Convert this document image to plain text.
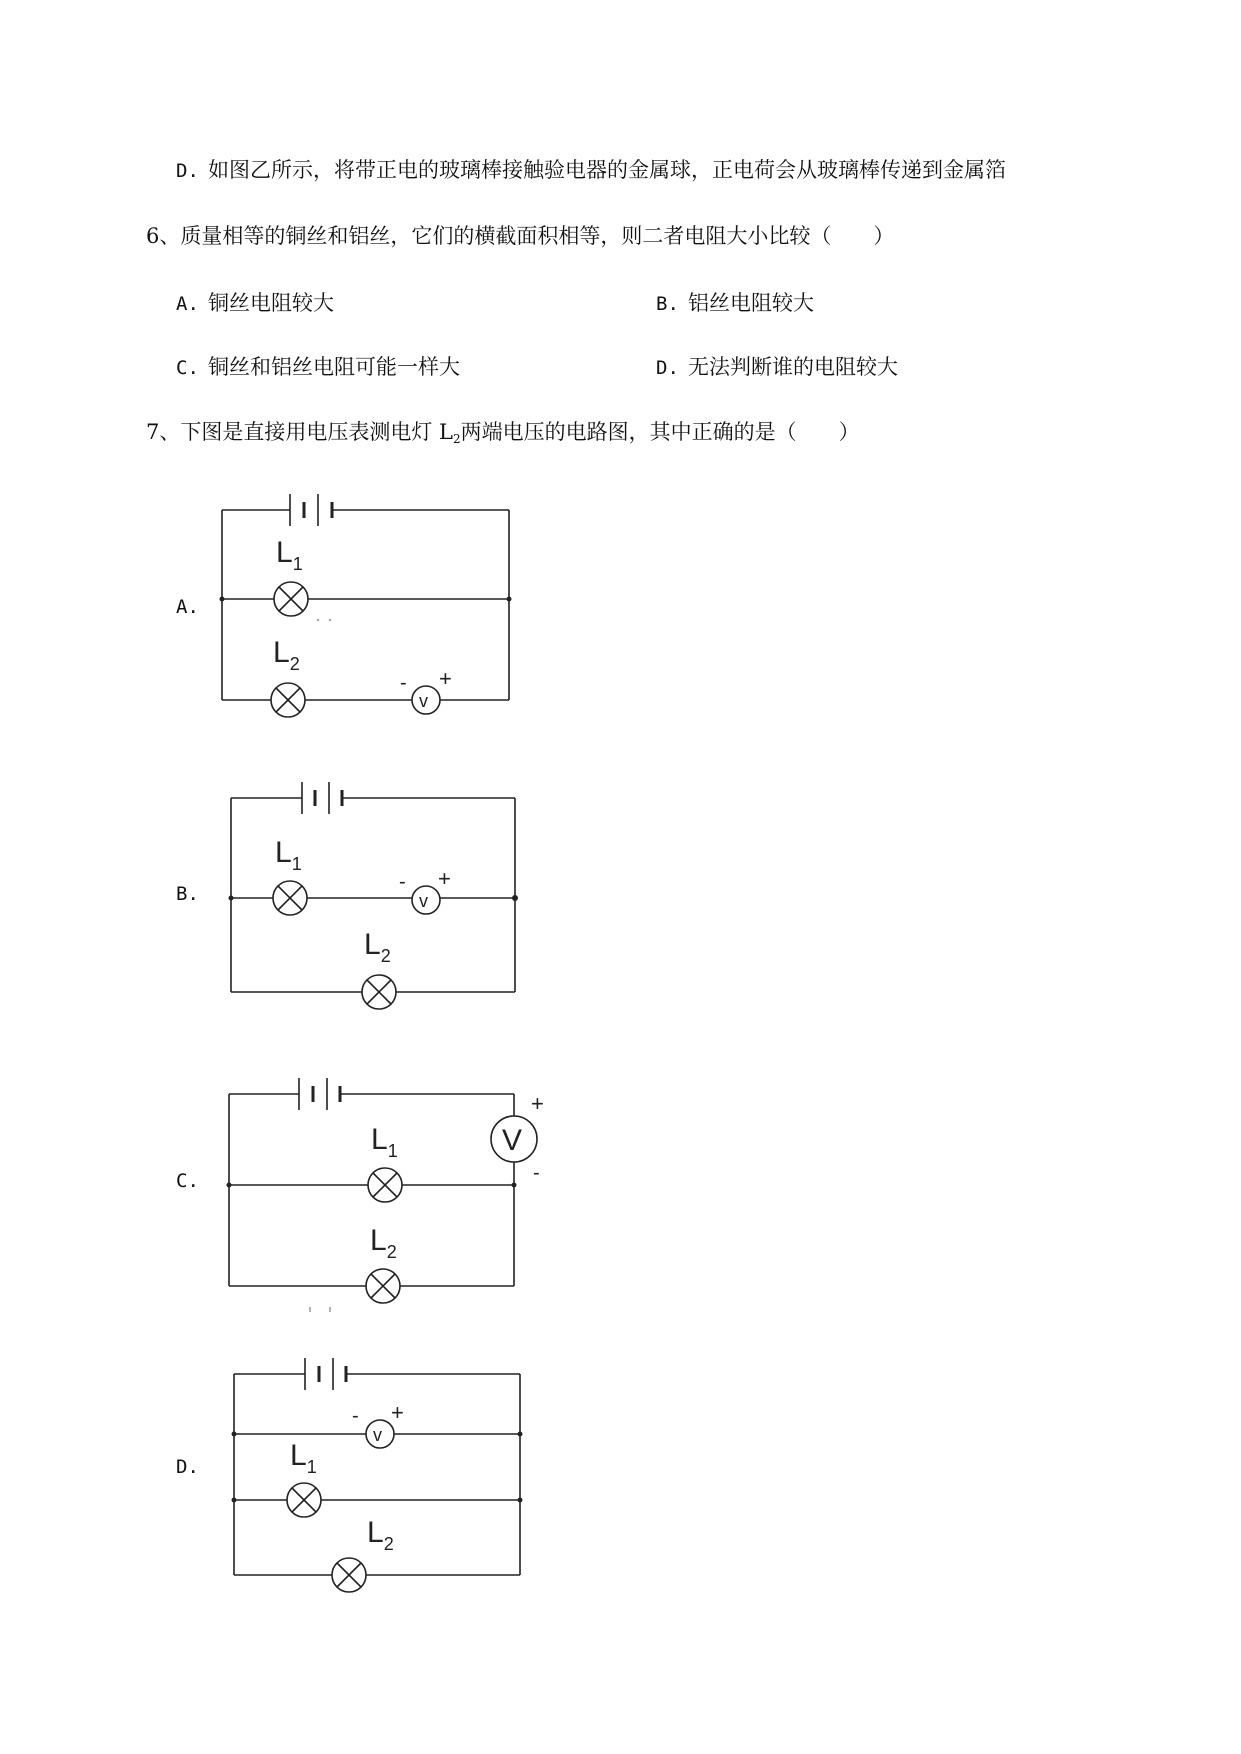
D. 如图乙所示，将带正电的玻璃棒接触验电器的金属球，正电荷会从玻璃棒传递到金属箔
6、质量相等的铜丝和铝丝，它们的横截面积相等，则二者电阻大小比较（　　）
A. 铜丝电阻较大	B. 铝丝电阻较大
C. 铜丝和铝丝电阻可能一样大	D. 无法判断谁的电阻较大
7、下图是直接用电压表测电灯 $L_2$两端电压的电路图，其中正确的是（　　）
A.
$L_1$
$L_2$
v
- +
B.
$L_1$
$L_2$
v
- +
C.
V
+
-
$L_1$
$L_2$
D.
v
- +
$L_1$
$L_2$
